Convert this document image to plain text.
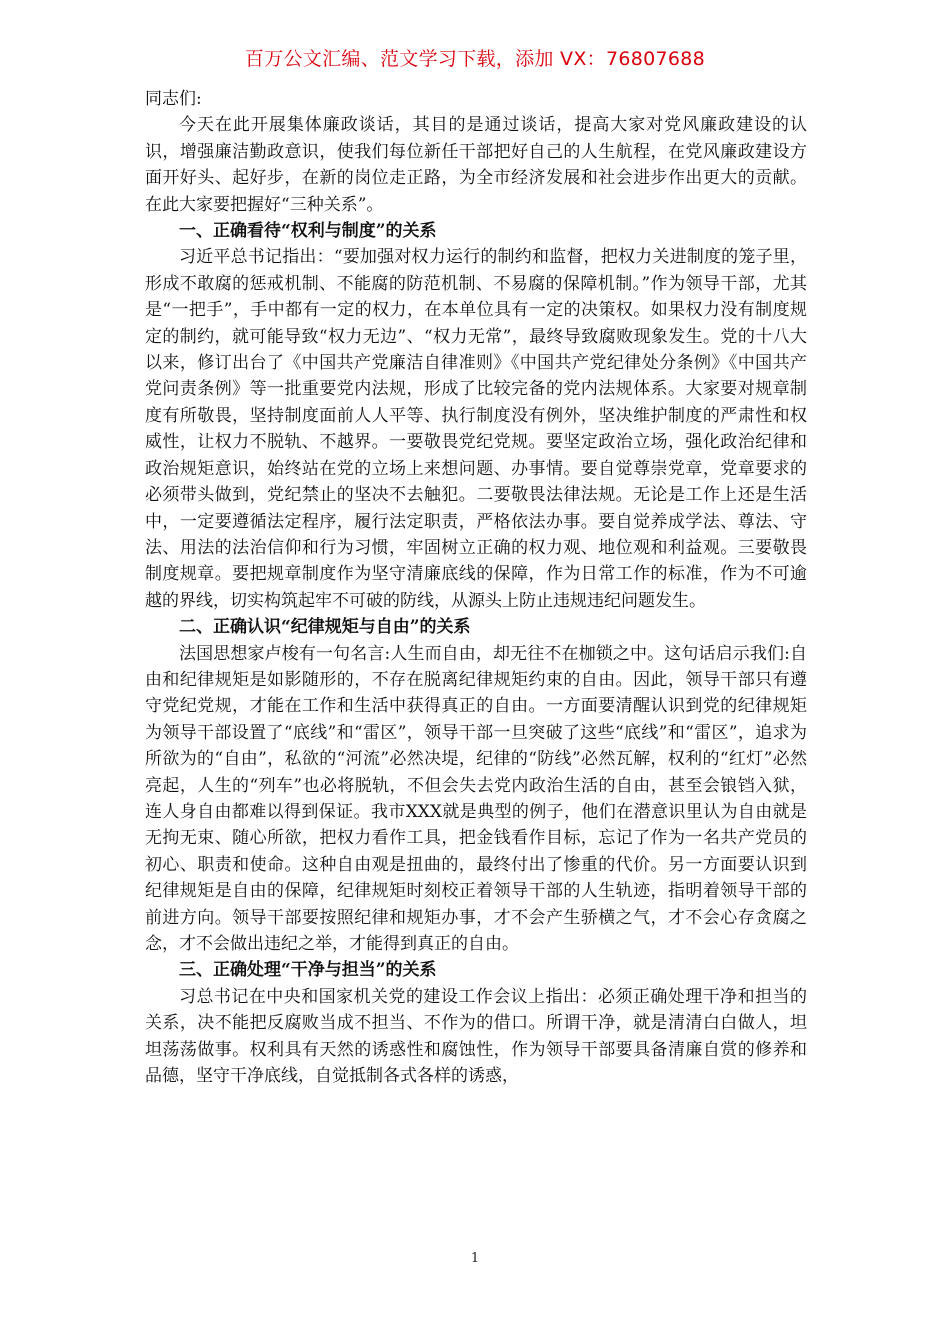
百万公文汇编、范文学习下载，添加 VX：76807688

同志们:

今天在此开展集体廉政谈话，其目的是通过谈话，提高大家对党风廉政建设的认识，增强廉洁勤政意识，使我们每位新任干部把好自己的人生航程，在党风廉政建设方面开好头、起好步，在新的岗位走正路，为全市经济发展和社会进步作出更大的贡献。在此大家要把握好“三种关系”。

一、正确看待“权利与制度”的关系

习近平总书记指出：“要加强对权力运行的制约和监督，把权力关进制度的笼子里，形成不敢腐的惩戒机制、不能腐的防范机制、不易腐的保障机制。”作为领导干部，尤其是“一把手”，手中都有一定的权力，在本单位具有一定的决策权。如果权力没有制度规定的制约，就可能导致“权力无边”、“权力无常”，最终导致腐败现象发生。党的十八大以来，修订出台了《中国共产党廉洁自律准则》《中国共产党纪律处分条例》《中国共产党问责条例》等一批重要党内法规，形成了比较完备的党内法规体系。大家要对规章制度有所敬畏，坚持制度面前人人平等、执行制度没有例外，坚决维护制度的严肃性和权威性，让权力不脱轨、不越界。一要敬畏党纪党规。要坚定政治立场，强化政治纪律和政治规矩意识，始终站在党的立场上来想问题、办事情。要自觉尊崇党章，党章要求的必须带头做到，党纪禁止的坚决不去触犯。二要敬畏法律法规。无论是工作上还是生活中，一定要遵循法定程序，履行法定职责，严格依法办事。要自觉养成学法、尊法、守法、用法的法治信仰和行为习惯，牢固树立正确的权力观、地位观和利益观。三要敬畏制度规章。要把规章制度作为坚守清廉底线的保障，作为日常工作的标准，作为不可逾越的界线，切实构筑起牢不可破的防线，从源头上防止违规违纪问题发生。

二、正确认识“纪律规矩与自由”的关系

法国思想家卢梭有一句名言:人生而自由，却无往不在枷锁之中。这句话启示我们:自由和纪律规矩是如影随形的，不存在脱离纪律规矩约束的自由。因此，领导干部只有遵守党纪党规，才能在工作和生活中获得真正的自由。一方面要清醒认识到党的纪律规矩为领导干部设置了“底线”和“雷区”，领导干部一旦突破了这些“底线”和“雷区”，追求为所欲为的“自由”，私欲的“河流”必然决堤，纪律的“防线”必然瓦解，权利的“红灯”必然亮起，人生的“列车”也必将脱轨，不但会失去党内政治生活的自由，甚至会锒铛入狱，连人身自由都难以得到保证。我市XXX就是典型的例子，他们在潜意识里认为自由就是无拘无束、随心所欲，把权力看作工具，把金钱看作目标，忘记了作为一名共产党员的初心、职责和使命。这种自由观是扭曲的，最终付出了惨重的代价。另一方面要认识到纪律规矩是自由的保障，纪律规矩时刻校正着领导干部的人生轨迹，指明着领导干部的前进方向。领导干部要按照纪律和规矩办事，才不会产生骄横之气，才不会心存贪腐之念，才不会做出违纪之举，才能得到真正的自由。

三、正确处理“干净与担当”的关系

习总书记在中央和国家机关党的建设工作会议上指出：必须正确处理干净和担当的关系，决不能把反腐败当成不担当、不作为的借口。所谓干净，就是清清白白做人，坦坦荡荡做事。权利具有天然的诱惑性和腐蚀性，作为领导干部要具备清廉自赏的修养和品德，坚守干净底线，自觉抵制各式各样的诱惑，

1
